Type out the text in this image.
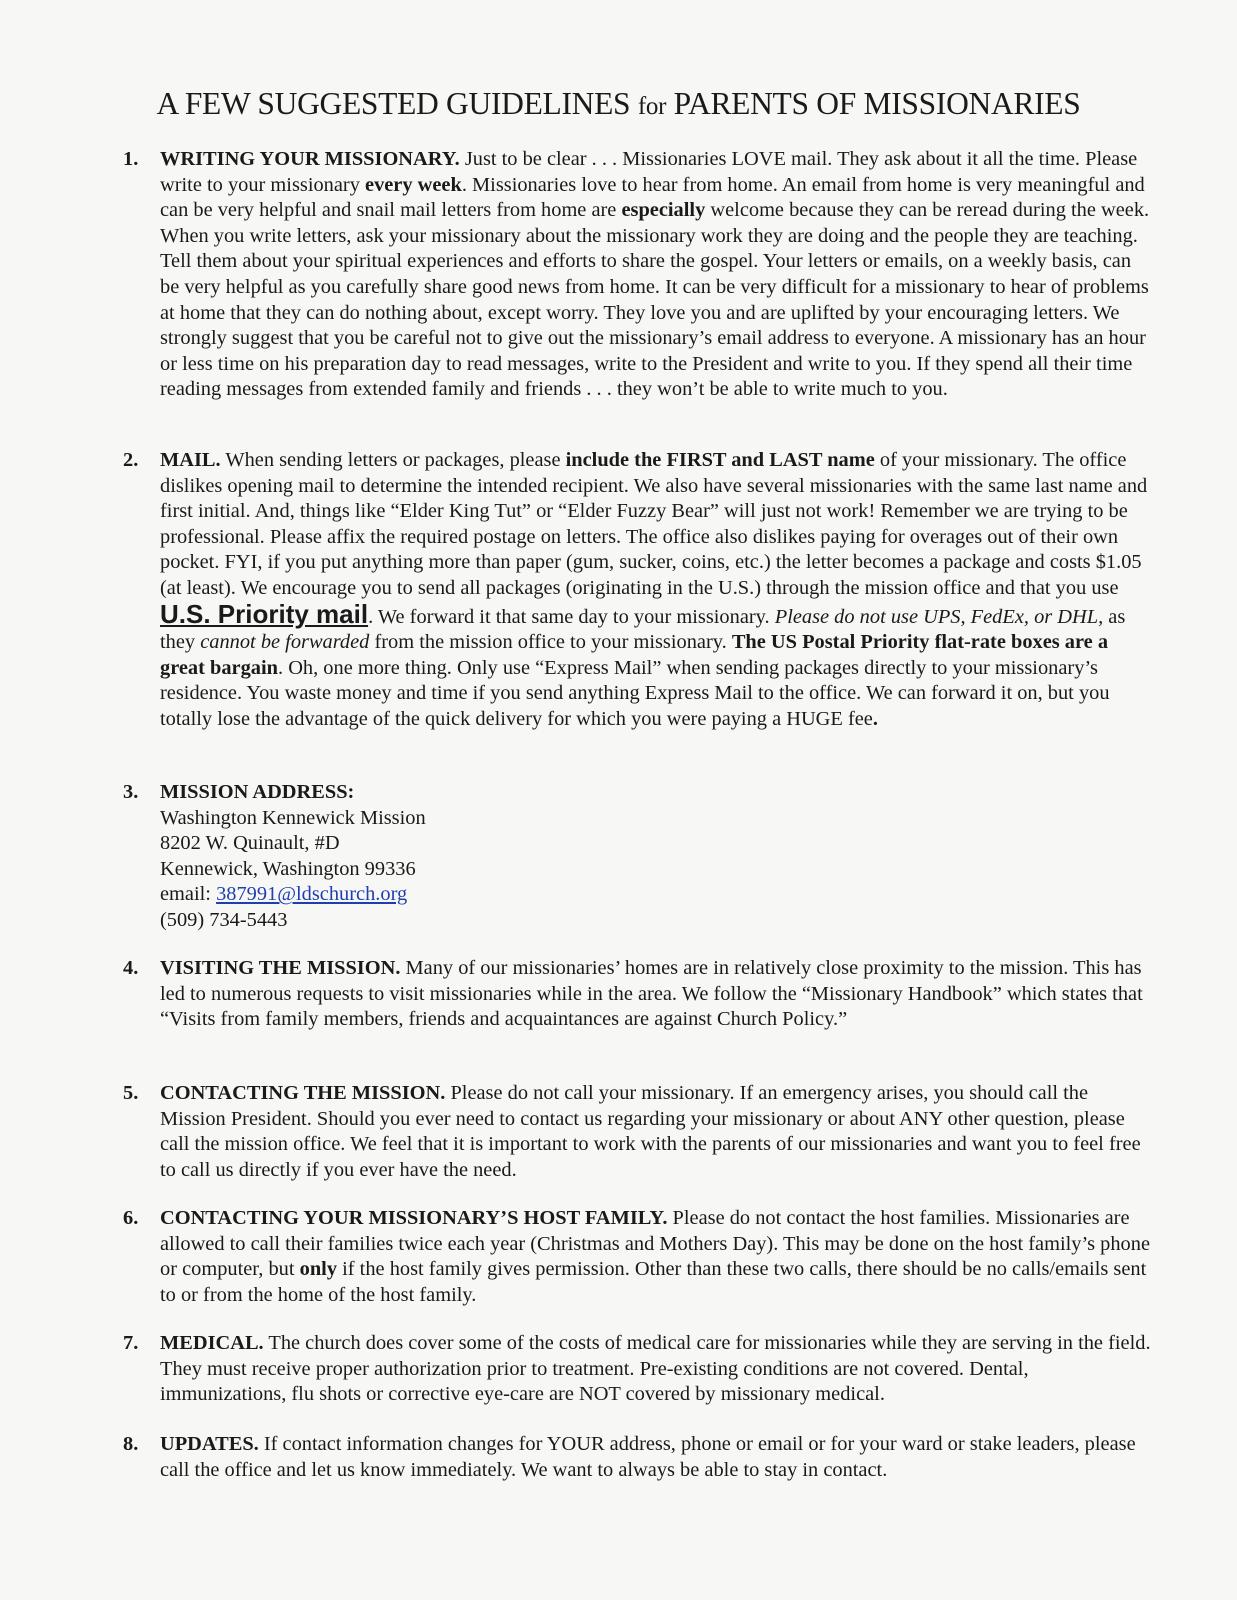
A FEW SUGGESTED GUIDELINES for PARENTS OF MISSIONARIES
1.	WRITING YOUR MISSIONARY. Just to be clear . . . Missionaries LOVE mail. They ask about it all the time. Please write to your missionary every week. Missionaries love to hear from home. An email from home is very meaningful and can be very helpful and snail mail letters from home are especially welcome because they can be reread during the week. When you write letters, ask your missionary about the missionary work they are doing and the people they are teaching. Tell them about your spiritual experiences and efforts to share the gospel. Your letters or emails, on a weekly basis, can be very helpful as you carefully share good news from home. It can be very difficult for a missionary to hear of problems at home that they can do nothing about, except worry. They love you and are uplifted by your encouraging letters. We strongly suggest that you be careful not to give out the missionary’s email address to everyone. A missionary has an hour or less time on his preparation day to read messages, write to the President and write to you. If they spend all their time reading messages from extended family and friends . . . they won’t be able to write much to you.
2.	MAIL. When sending letters or packages, please include the FIRST and LAST name of your missionary. The office dislikes opening mail to determine the intended recipient. We also have several missionaries with the same last name and first initial. And, things like “Elder King Tut” or “Elder Fuzzy Bear” will just not work! Remember we are trying to be professional. Please affix the required postage on letters. The office also dislikes paying for overages out of their own pocket. FYI, if you put anything more than paper (gum, sucker, coins, etc.) the letter becomes a package and costs $1.05 (at least). We encourage you to send all packages (originating in the U.S.) through the mission office and that you use U.S. Priority mail. We forward it that same day to your missionary. Please do not use UPS, FedEx, or DHL, as they cannot be forwarded from the mission office to your missionary. The US Postal Priority flat-rate boxes are a great bargain. Oh, one more thing. Only use “Express Mail” when sending packages directly to your missionary’s residence. You waste money and time if you send anything Express Mail to the office. We can forward it on, but you totally lose the advantage of the quick delivery for which you were paying a HUGE fee.
3.	MISSION ADDRESS:
Washington Kennewick Mission
8202 W. Quinault, #D
Kennewick, Washington 99336
email: 387991@ldschurch.org
(509) 734-5443
4.	VISITING THE MISSION. Many of our missionaries’ homes are in relatively close proximity to the mission. This has led to numerous requests to visit missionaries while in the area. We follow the “Missionary Handbook” which states that “Visits from family members, friends and acquaintances are against Church Policy.”
5.	CONTACTING THE MISSION. Please do not call your missionary. If an emergency arises, you should call the Mission President. Should you ever need to contact us regarding your missionary or about ANY other question, please call the mission office. We feel that it is important to work with the parents of our missionaries and want you to feel free to call us directly if you ever have the need.
6.	CONTACTING YOUR MISSIONARY’S HOST FAMILY. Please do not contact the host families. Missionaries are allowed to call their families twice each year (Christmas and Mothers Day). This may be done on the host family’s phone or computer, but only if the host family gives permission. Other than these two calls, there should be no calls/emails sent to or from the home of the host family.
7.	MEDICAL. The church does cover some of the costs of medical care for missionaries while they are serving in the field. They must receive proper authorization prior to treatment. Pre-existing conditions are not covered. Dental, immunizations, flu shots or corrective eye-care are NOT covered by missionary medical.
8.	UPDATES. If contact information changes for YOUR address, phone or email or for your ward or stake leaders, please call the office and let us know immediately. We want to always be able to stay in contact.
